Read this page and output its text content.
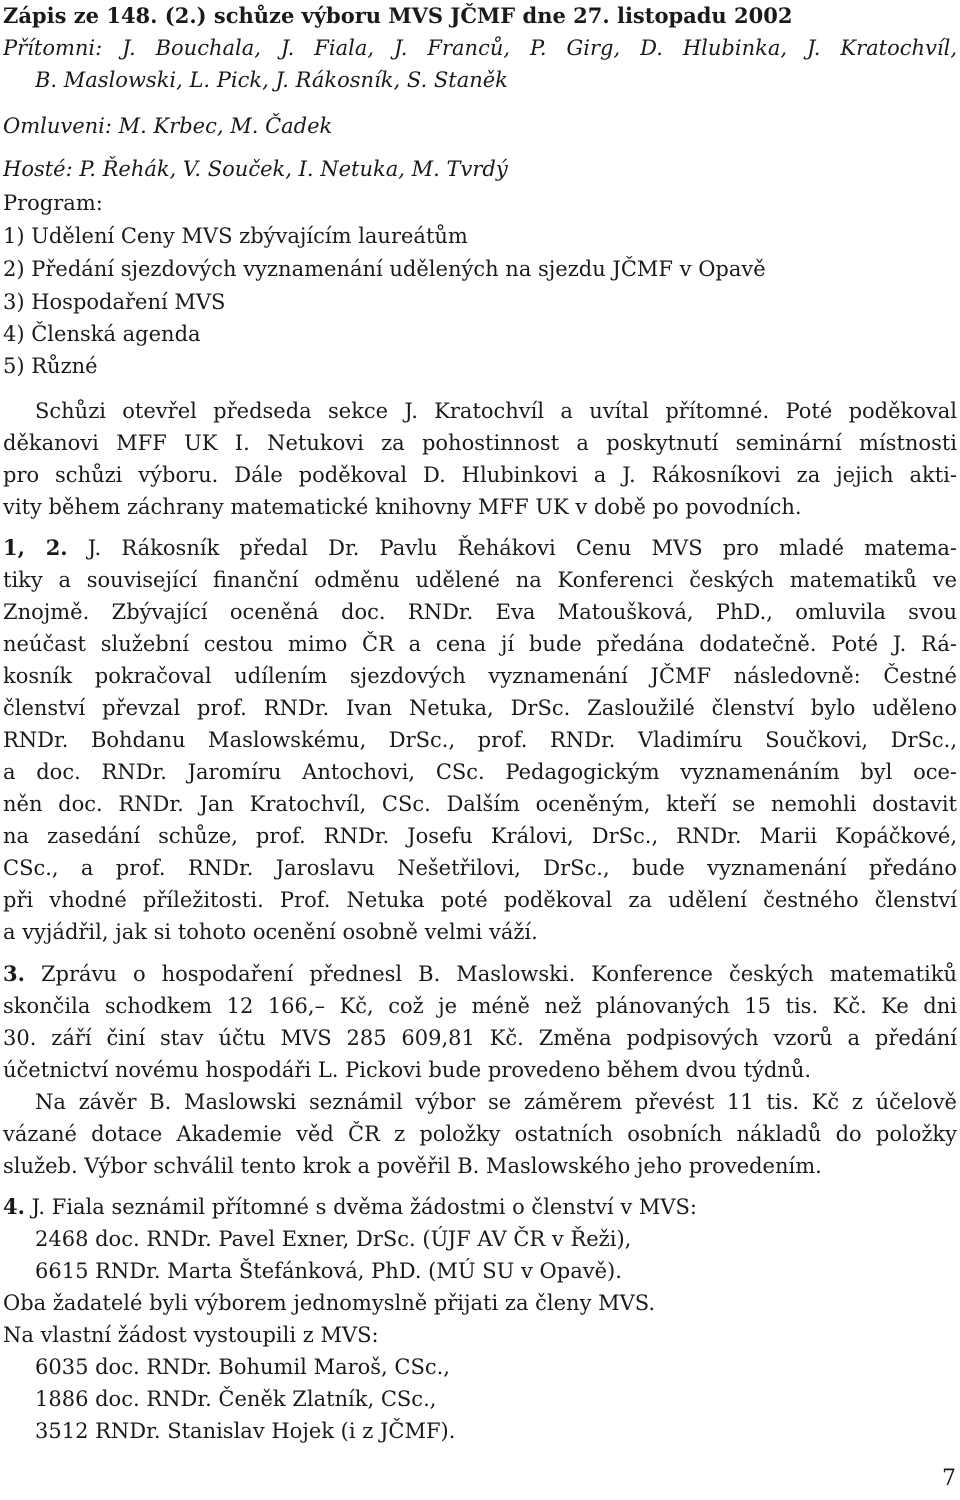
Zápis ze 148. (2.) schůze výboru MVS JČMF dne 27. listopadu 2002
Přítomni: J. Bouchala, J. Fiala, J. Franců, P. Girg, D. Hlubinka, J. Kratochvíl,
B. Maslowski, L. Pick, J. Rákosník, S. Staněk
Omluveni: M. Krbec, M. Čadek
Hosté: P. Řehák, V. Souček, I. Netuka, M. Tvrdý
Program:
1) Udělení Ceny MVS zbývajícím laureátům
2) Předání sjezdových vyznamenání udělených na sjezdu JČMF v Opavě
3) Hospodaření MVS
4) Členská agenda
5) Různé
Schůzi otevřel předseda sekce J. Kratochvíl a uvítal přítomné. Poté poděkoval
děkanovi MFF UK I. Netukovi za pohostinnost a poskytnutí seminární místnosti
pro schůzi výboru. Dále poděkoval D. Hlubinkovi a J. Rákosníkovi za jejich akti-
vity během záchrany matematické knihovny MFF UK v době po povodních.
1, 2. J. Rákosník předal Dr. Pavlu Řehákovi Cenu MVS pro mladé matema-
tiky a související finanční odměnu udělené na Konferenci českých matematiků ve
Znojmě. Zbývající oceněná doc. RNDr. Eva Matoušková, PhD., omluvila svou
neúčast služební cestou mimo ČR a cena jí bude předána dodatečně. Poté J. Rá-
kosník pokračoval udílením sjezdových vyznamenání JČMF následovně: Čestné
členství převzal prof. RNDr. Ivan Netuka, DrSc. Zasloužilé členství bylo uděleno
RNDr. Bohdanu Maslowskému, DrSc., prof. RNDr. Vladimíru Součkovi, DrSc.,
a doc. RNDr. Jaromíru Antochovi, CSc. Pedagogickým vyznamenáním byl oce-
něn doc. RNDr. Jan Kratochvíl, CSc. Dalším oceněným, kteří se nemohli dostavit
na zasedání schůze, prof. RNDr. Josefu Královi, DrSc., RNDr. Marii Kopáčkové,
CSc., a prof. RNDr. Jaroslavu Nešetřilovi, DrSc., bude vyznamenání předáno
při vhodné příležitosti. Prof. Netuka poté poděkoval za udělení čestného členství
a vyjádřil, jak si tohoto ocenění osobně velmi váží.
3. Zprávu o hospodaření přednesl B. Maslowski. Konference českých matematiků
skončila schodkem 12 166,– Kč, což je méně než plánovaných 15 tis. Kč. Ke dni
30. září činí stav účtu MVS 285 609,81 Kč. Změna podpisových vzorů a předání
účetnictví novému hospodáři L. Pickovi bude provedeno během dvou týdnů.
Na závěr B. Maslowski seznámil výbor se záměrem převést 11 tis. Kč z účelově
vázané dotace Akademie věd ČR z položky ostatních osobních nákladů do položky
služeb. Výbor schválil tento krok a pověřil B. Maslowského jeho provedením.
4. J. Fiala seznámil přítomné s dvěma žádostmi o členství v MVS:
2468 doc. RNDr. Pavel Exner, DrSc. (ÚJF AV ČR v Řeži),
6615 RNDr. Marta Štefánková, PhD. (MÚ SU v Opavě).
Oba žadatelé byli výborem jednomyslně přijati za členy MVS.
Na vlastní žádost vystoupili z MVS:
6035 doc. RNDr. Bohumil Maroš, CSc.,
1886 doc. RNDr. Čeněk Zlatník, CSc.,
3512 RNDr. Stanislav Hojek (i z JČMF).
7
